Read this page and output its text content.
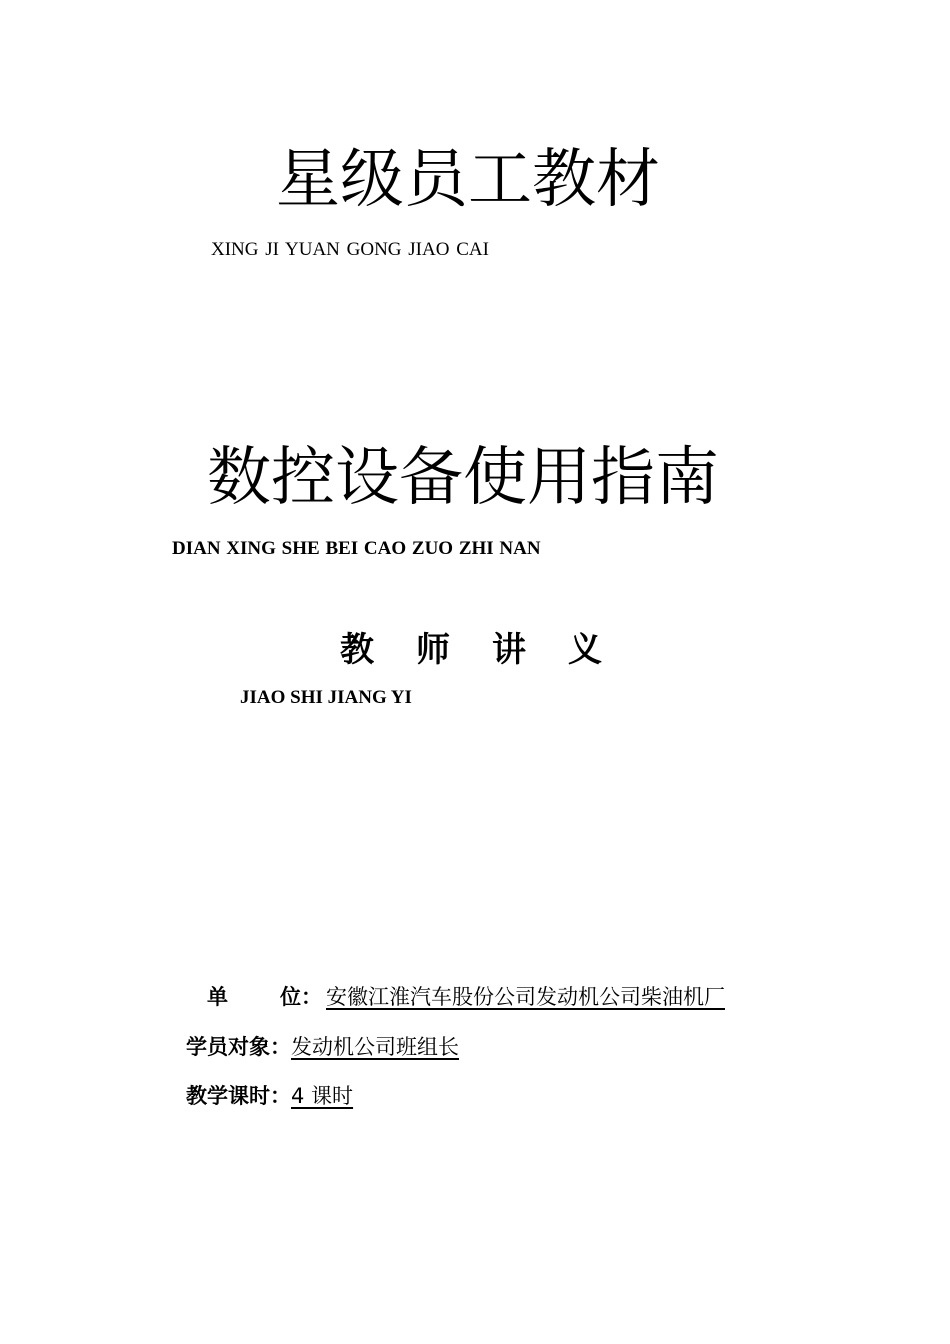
星级员工教材
XING JI YUAN GONG JIAO CAI
数控设备使用指南
DIAN XING SHE BEI CAO ZUO ZHI NAN
教师讲义
JIAO SHI JIANG YI
单 位： 安徽江淮汽车股份公司发动机公司柴油机厂
学员对象：发动机公司班组长
教学课时：4 课时
